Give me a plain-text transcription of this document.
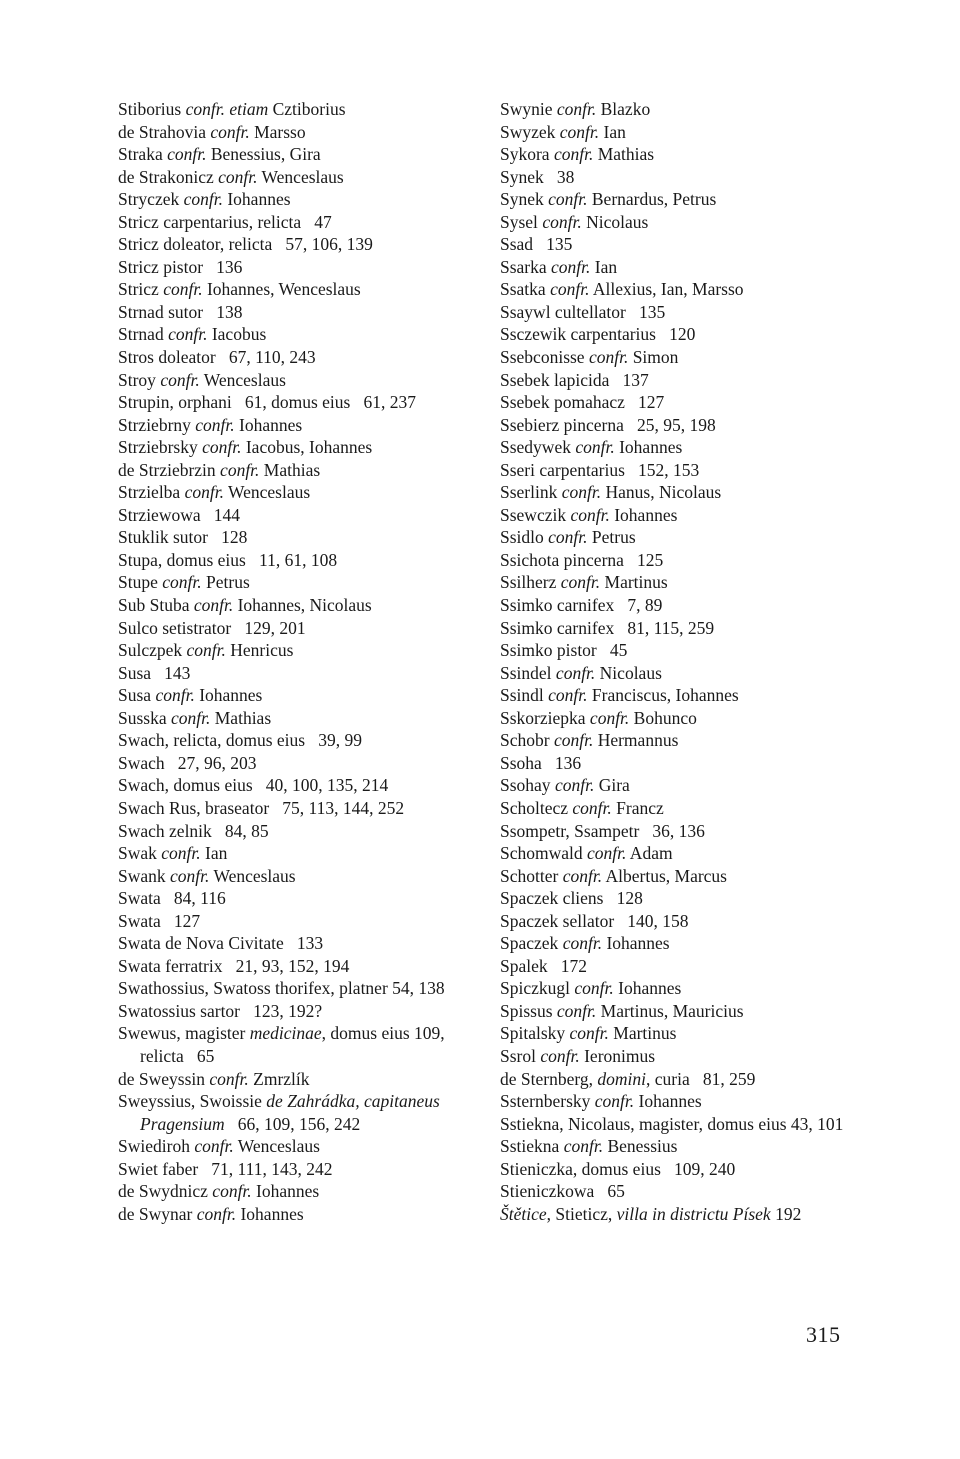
Stiborius confr. etiam Cztiborius
de Strahovia confr. Marsso
Straka confr. Benessius, Gira
de Strakonicz confr. Wenceslaus
Stryczek confr. Iohannes
Stricz carpentarius, relicta   47
Stricz doleator, relicta   57, 106, 139
Stricz pistor   136
Stricz confr. Iohannes, Wenceslaus
Strnad sutor   138
Strnad confr. Iacobus
Stros doleator   67, 110, 243
Stroy confr. Wenceslaus
Strupin, orphani   61, domus eius   61, 237
Strziebrny confr. Iohannes
Strziebrsky confr. Iacobus, Iohannes
de Strziebrzin confr. Mathias
Strzielba confr. Wenceslaus
Strziewowa   144
Stuklik sutor   128
Stupa, domus eius   11, 61, 108
Stupe confr. Petrus
Sub Stuba confr. Iohannes, Nicolaus
Sulco setistrator   129, 201
Sulczpek confr. Henricus
Susa   143
Susa confr. Iohannes
Susska confr. Mathias
Swach, relicta, domus eius   39, 99
Swach   27, 96, 203
Swach, domus eius   40, 100, 135, 214
Swach Rus, braseator   75, 113, 144, 252
Swach zelnik   84, 85
Swak confr. Ian
Swank confr. Wenceslaus
Swata   84, 116
Swata   127
Swata de Nova Civitate   133
Swata ferratrix   21, 93, 152, 194
Swathossius, Swatoss thorifex, platner 54, 138
Swatossius sartor   123, 192?
Swewus, magister medicinae, domus eius 109, relicta   65
de Sweyssin confr. Zmrzlík
Sweyssius, Swoissie de Zahrádka, capitaneus Pragensium   66, 109, 156, 242
Swiediroh confr. Wenceslaus
Swiet faber   71, 111, 143, 242
de Swydnicz confr. Iohannes
de Swynar confr. Iohannes
Swynie confr. Blazko
Swyzek confr. Ian
Sykora confr. Mathias
Synek   38
Synek confr. Bernardus, Petrus
Sysel confr. Nicolaus
Ssad   135
Ssarka confr. Ian
Ssatka confr. Allexius, Ian, Marsso
Ssaywl cultellator   135
Ssczewik carpentarius   120
Ssebconisse confr. Simon
Ssebek lapicida   137
Ssebek pomahacz   127
Ssebierz pincerna   25, 95, 198
Ssedywek confr. Iohannes
Sseri carpentarius   152, 153
Sserlink confr. Hanus, Nicolaus
Ssewczik confr. Iohannes
Ssidlo confr. Petrus
Ssichota pincerna   125
Ssilherz confr. Martinus
Ssimko carnifex   7, 89
Ssimko carnifex   81, 115, 259
Ssimko pistor   45
Ssindel confr. Nicolaus
Ssindl confr. Franciscus, Iohannes
Sskorziepka confr. Bohunco
Schobr confr. Hermannus
Ssoha   136
Ssohay confr. Gira
Scholtecz confr. Francz
Ssompetr, Ssampetr   36, 136
Schomwald confr. Adam
Schotter confr. Albertus, Marcus
Spaczek cliens   128
Spaczek sellator   140, 158
Spaczek confr. Iohannes
Spalek   172
Spiczkugl confr. Iohannes
Spissus confr. Martinus, Mauricius
Spitalsky confr. Martinus
Ssrol confr. Ieronimus
de Sternberg, domini, curia   81, 259
Ssternbersky confr. Iohannes
Sstiekna, Nicolaus, magister, domus eius 43, 101
Sstiekna confr. Benessius
Stieniczka, domus eius   109, 240
Stieniczkowa   65
Štětice, Stieticz, villa in districtu Písek 192
315
